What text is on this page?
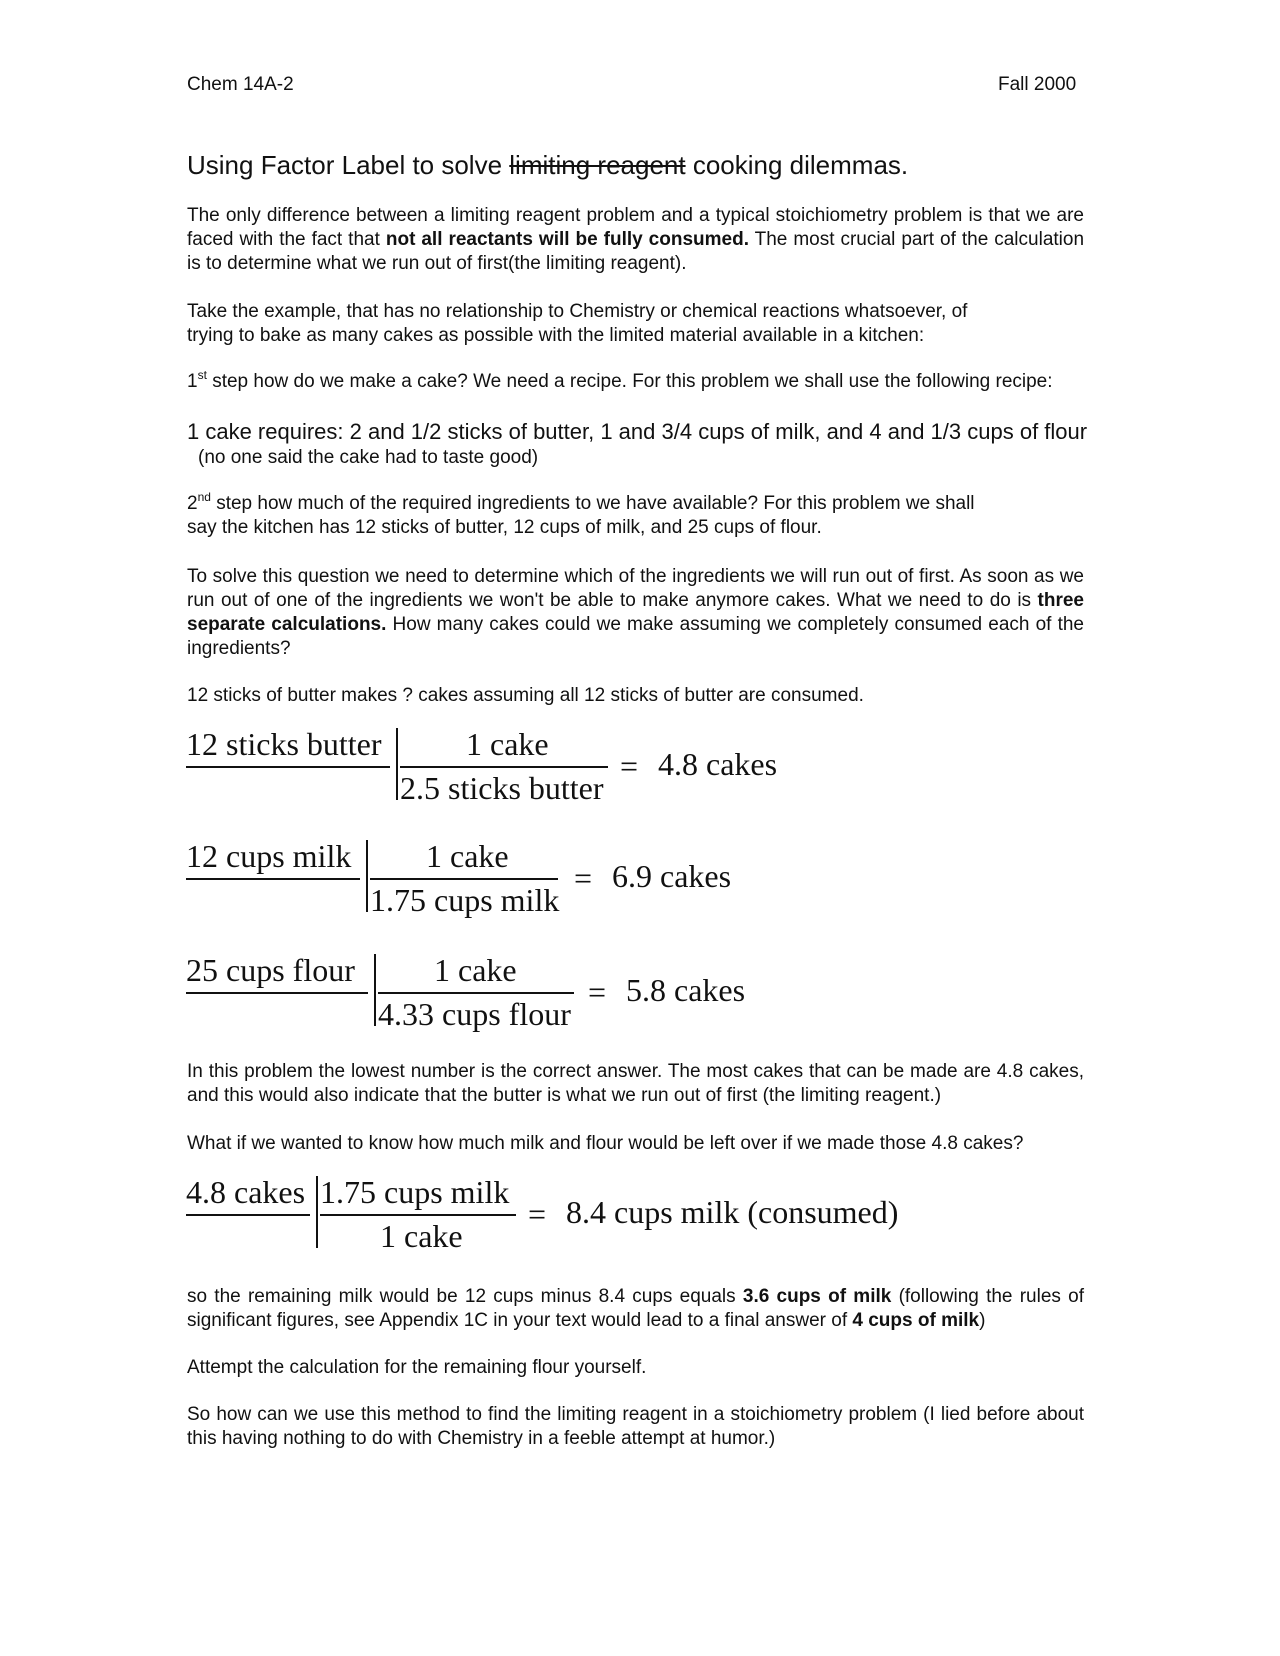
Chem 14A-2	Fall 2000
Using Factor Label to solve limiting reagent cooking dilemmas.
The only difference between a limiting reagent problem and a typical stoichiometry problem is that we are faced with the fact that not all reactants will be fully consumed. The most crucial part of the calculation is to determine what we run out of first(the limiting reagent).
Take the example, that has no relationship to Chemistry or chemical reactions whatsoever, of
trying to bake as many cakes as possible with the limited material available in a kitchen:
1st step how do we make a cake? We need a recipe. For this problem we shall use the following recipe:
1 cake requires: 2 and 1/2 sticks of butter, 1 and 3/4 cups of milk, and 4 and 1/3 cups of flour
(no one said the cake had to taste good)
2nd step how much of the required ingredients to we have available? For this problem we shall
say the kitchen has 12 sticks of butter, 12 cups of milk, and 25 cups of flour.
To solve this question we need to determine which of the ingredients we will run out of first. As soon as we run out of one of the ingredients we won't be able to make anymore cakes. What we need to do is three separate calculations. How many cakes could we make assuming we completely consumed each of the ingredients?
12 sticks of butter makes ? cakes assuming all 12 sticks of butter are consumed.
12 sticks butter	1 cake
2.5 sticks butter
= 4.8 cakes
12 cups milk 1 cake
1.75 cups milk
= 6.9 cakes
25 cups flour 1 cake
4.33 cups flour
= 5.8 cakes
In this problem the lowest number is the correct answer. The most cakes that can be made are 4.8 cakes, and this would also indicate that the butter is what we run out of first (the limiting reagent.)
What if we wanted to know how much milk and flour would be left over if we made those 4.8 cakes?
4.8 cakes 1.75 cups milk
1 cake
= 8.4 cups milk (consumed)
so the remaining milk would be 12 cups minus 8.4 cups equals 3.6 cups of milk (following the rules of significant figures, see Appendix 1C in your text would lead to a final answer of 4 cups of milk)
Attempt the calculation for the remaining flour yourself.
So how can we use this method to find the limiting reagent in a stoichiometry problem (I lied before about this having nothing to do with Chemistry in a feeble attempt at humor.)
